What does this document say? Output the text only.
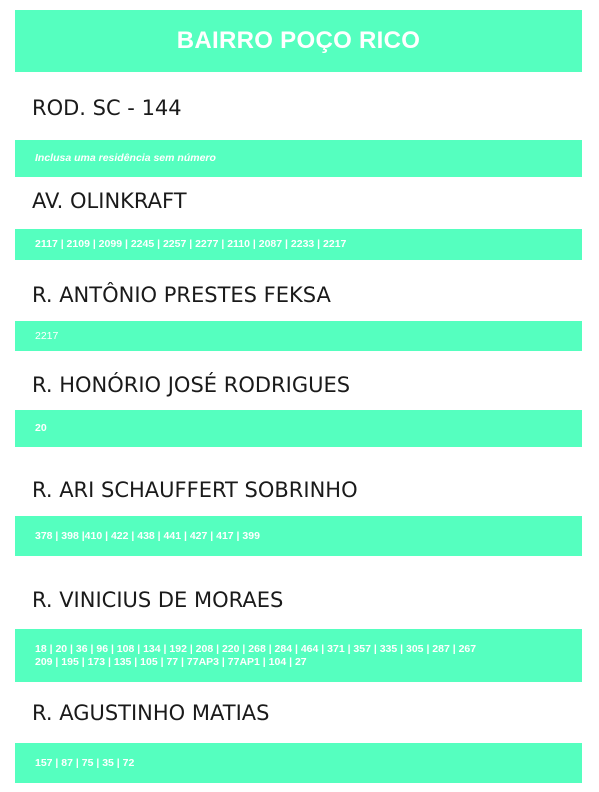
BAIRRO POÇO RICO
ROD. SC - 144
Inclusa uma residência sem número
AV. OLINKRAFT
2117 | 2109 | 2099 | 2245 | 2257 | 2277 | 2110 | 2087 | 2233 | 2217
R. ANTÔNIO PRESTES FEKSA
2217
R. HONÓRIO JOSÉ RODRIGUES
20
R. ARI SCHAUFFERT SOBRINHO
378 | 398 |410 | 422 | 438 | 441 | 427 | 417 | 399
R. VINICIUS DE MORAES
18 | 20 | 36 | 96 | 108 | 134 | 192 | 208 | 220 | 268 | 284 | 464 | 371 | 357 | 335 | 305 | 287 | 267
209 | 195 | 173 | 135 | 105 | 77 | 77AP3 | 77AP1 | 104 | 27
R. AGUSTINHO MATIAS
157 | 87 | 75 | 35 | 72
